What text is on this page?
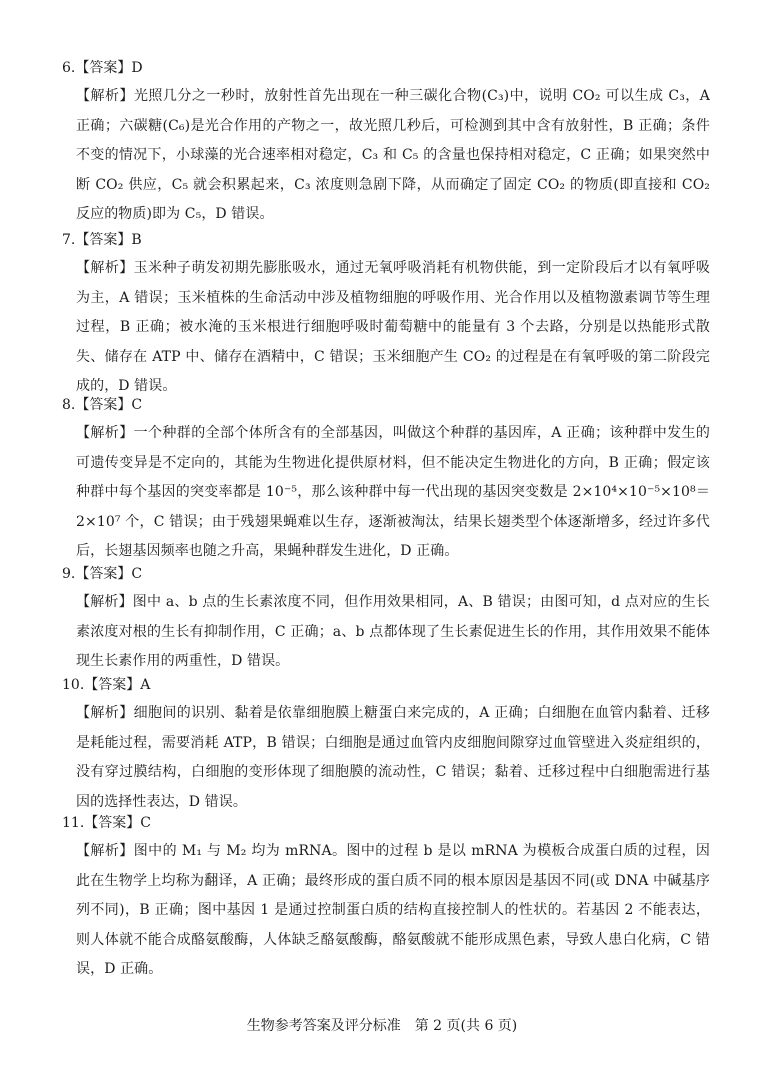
6.【答案】D
【解析】光照几分之一秒时，放射性首先出现在一种三碳化合物(C₃)中，说明 CO₂ 可以生成 C₃，A 正确；六碳糖(C₆)是光合作用的产物之一，故光照几秒后，可检测到其中含有放射性，B 正确；条件不变的情况下，小球藻的光合速率相对稳定，C₃ 和 C₅ 的含量也保持相对稳定，C 正确；如果突然中断 CO₂ 供应，C₅ 就会积累起来，C₃ 浓度则急剧下降，从而确定了固定 CO₂ 的物质(即直接和 CO₂ 反应的物质)即为 C₅，D 错误。
7.【答案】B
【解析】玉米种子萌发初期先膨胀吸水，通过无氧呼吸消耗有机物供能，到一定阶段后才以有氧呼吸为主，A 错误；玉米植株的生命活动中涉及植物细胞的呼吸作用、光合作用以及植物激素调节等生理过程，B 正确；被水淹的玉米根进行细胞呼吸时葡萄糖中的能量有 3 个去路，分别是以热能形式散失、储存在 ATP 中、储存在酒精中，C 错误；玉米细胞产生 CO₂ 的过程是在有氧呼吸的第二阶段完成的，D 错误。
8.【答案】C
【解析】一个种群的全部个体所含有的全部基因，叫做这个种群的基因库，A 正确；该种群中发生的可遗传变异是不定向的，其能为生物进化提供原材料，但不能决定生物进化的方向，B 正确；假定该种群中每个基因的突变率都是 10⁻⁵，那么该种群中每一代出现的基因突变数是 2×10⁴×10⁻⁵×10⁸＝2×10⁷ 个，C 错误；由于残翅果蝇难以生存，逐渐被淘汰，结果长翅类型个体逐渐增多，经过许多代后，长翅基因频率也随之升高，果蝇种群发生进化，D 正确。
9.【答案】C
【解析】图中 a、b 点的生长素浓度不同，但作用效果相同，A、B 错误；由图可知，d 点对应的生长素浓度对根的生长有抑制作用，C 正确；a、b 点都体现了生长素促进生长的作用，其作用效果不能体现生长素作用的两重性，D 错误。
10.【答案】A
【解析】细胞间的识别、黏着是依靠细胞膜上糖蛋白来完成的，A 正确；白细胞在血管内黏着、迁移是耗能过程，需要消耗 ATP，B 错误；白细胞是通过血管内皮细胞间隙穿过血管壁进入炎症组织的，没有穿过膜结构，白细胞的变形体现了细胞膜的流动性，C 错误；黏着、迁移过程中白细胞需进行基因的选择性表达，D 错误。
11.【答案】C
【解析】图中的 M₁ 与 M₂ 均为 mRNA。图中的过程 b 是以 mRNA 为模板合成蛋白质的过程，因此在生物学上均称为翻译，A 正确；最终形成的蛋白质不同的根本原因是基因不同(或 DNA 中碱基序列不同)，B 正确；图中基因 1 是通过控制蛋白质的结构直接控制人的性状的。若基因 2 不能表达，则人体就不能合成酪氨酸酶，人体缺乏酪氨酸酶，酪氨酸就不能形成黑色素，导致人患白化病，C 错误，D 正确。
生物参考答案及评分标准　第 2 页(共 6 页)
